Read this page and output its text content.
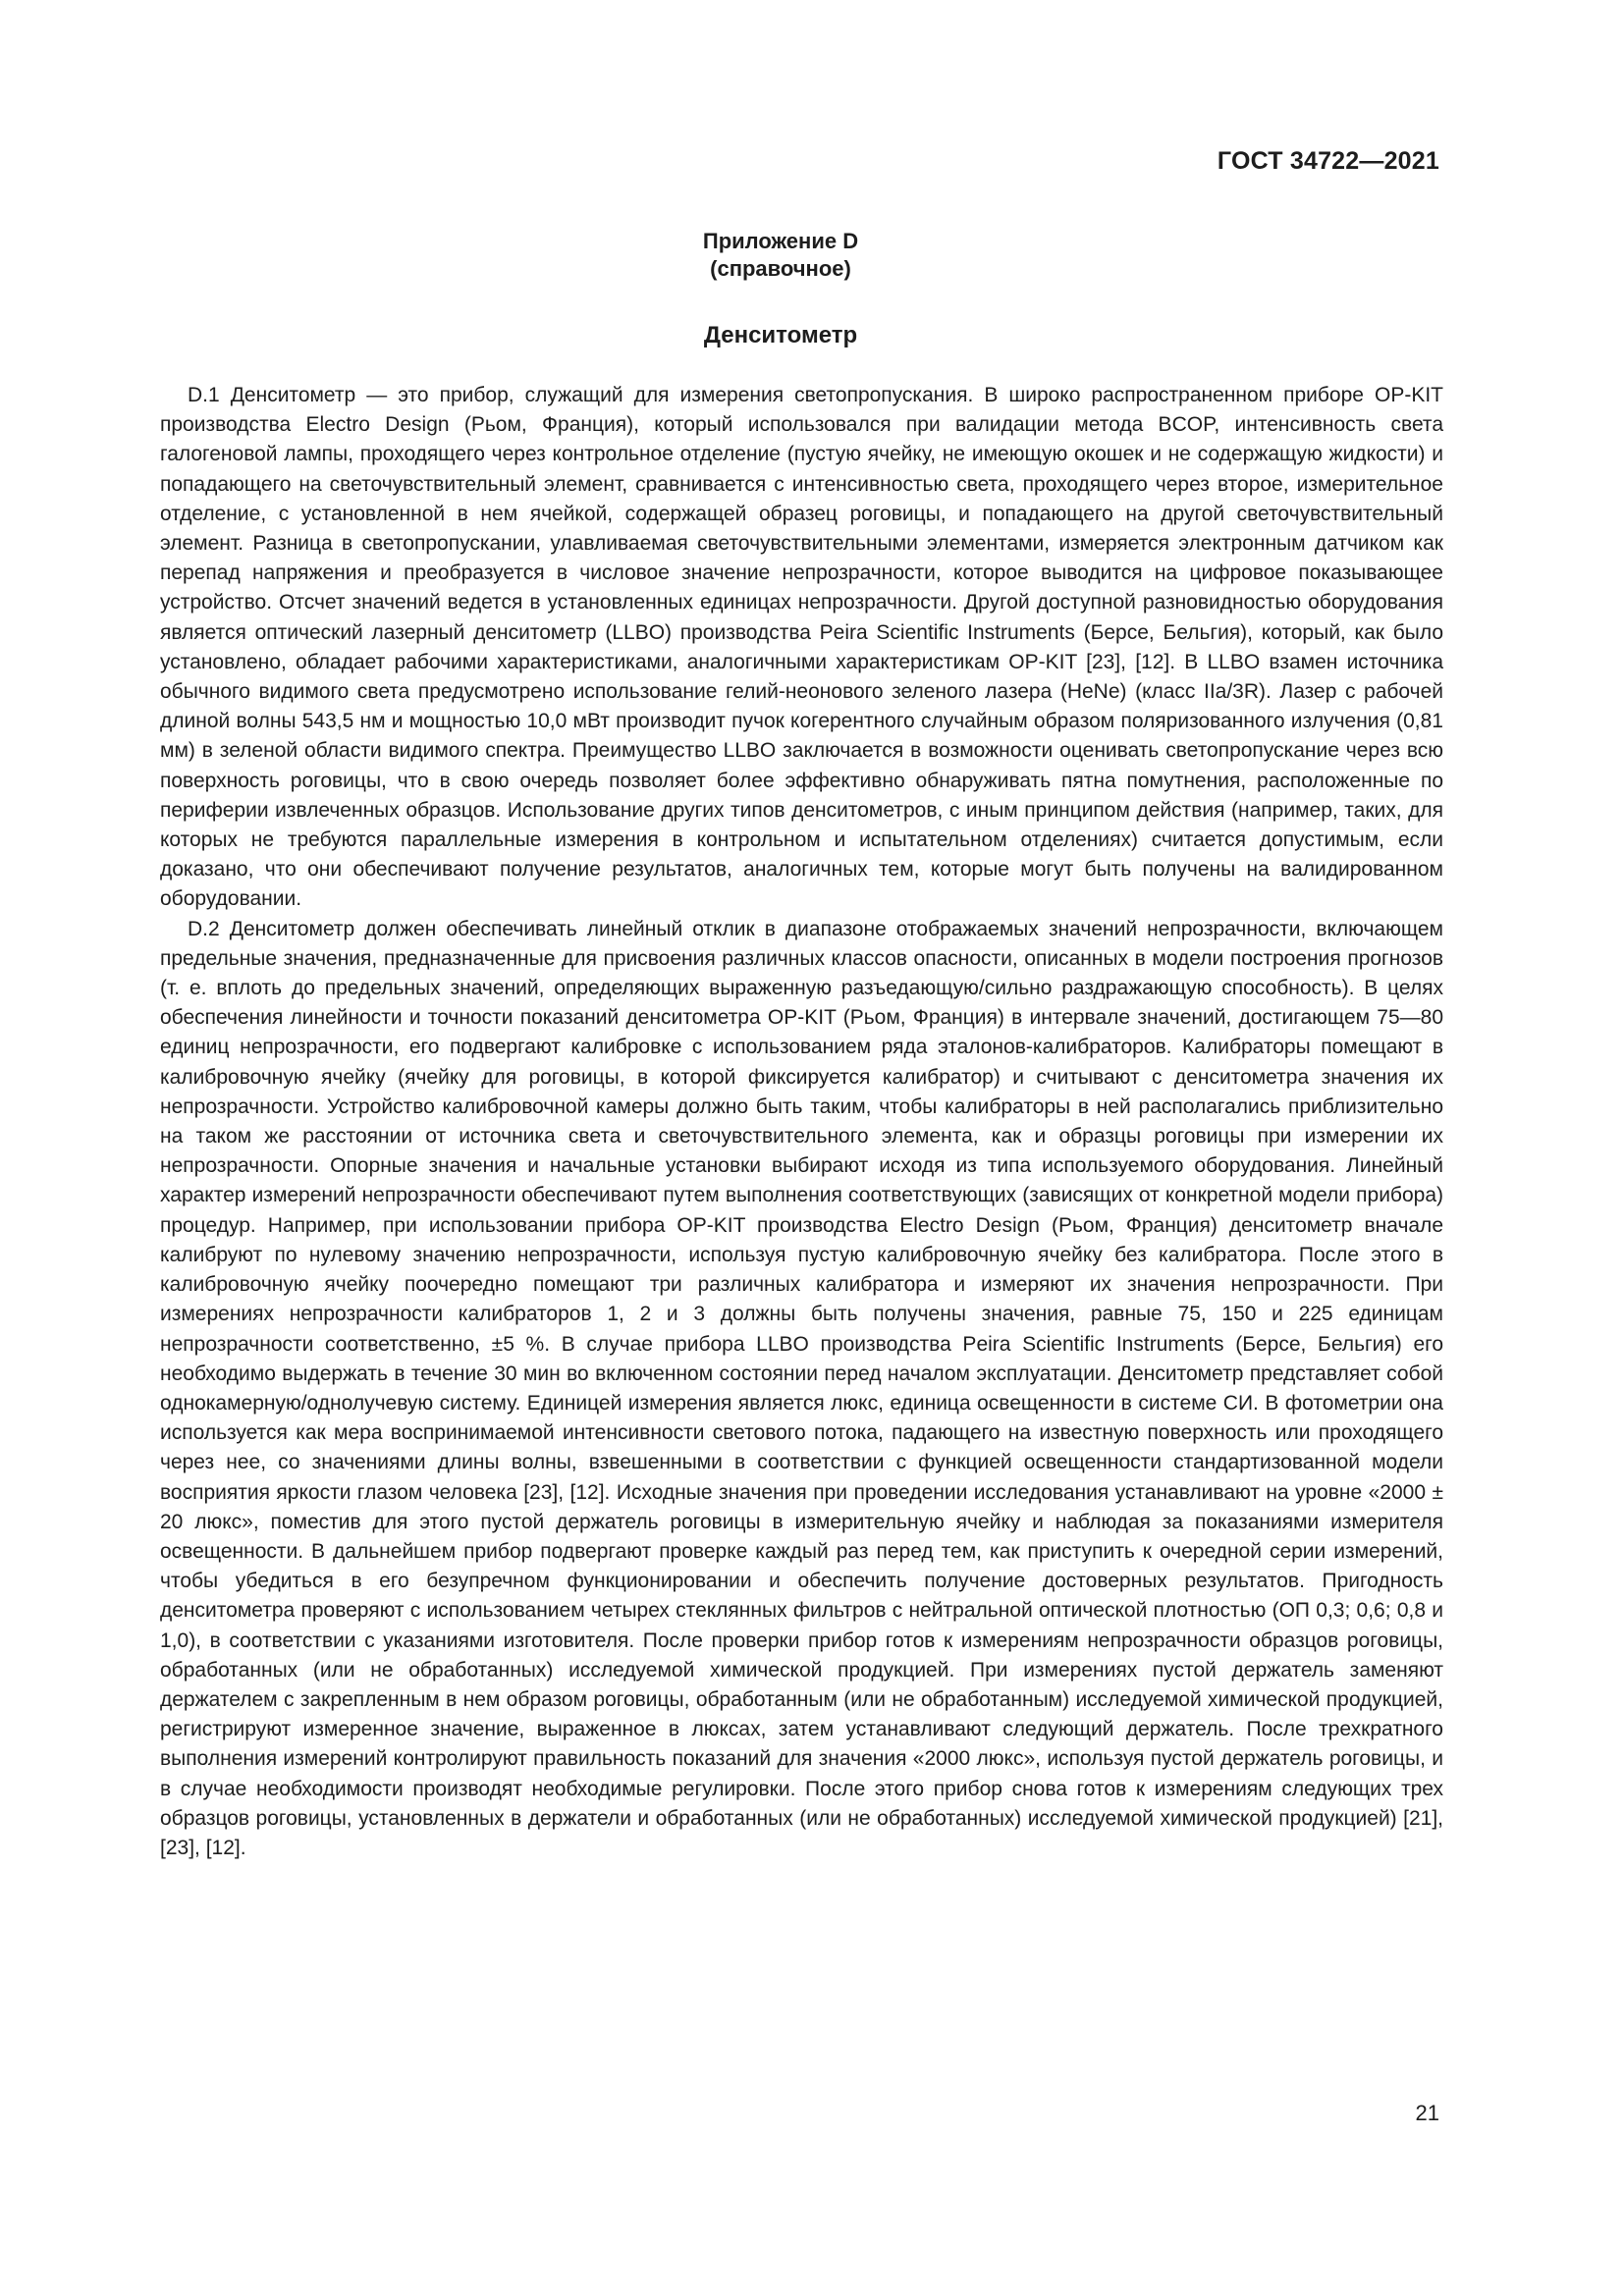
ГОСТ 34722—2021
Приложение D
(справочное)
Денситометр

D.1 Денситометр — это прибор, служащий для измерения светопропускания. В широко распространенном приборе OP-KIT производства Electro Design (Рьом, Франция), который использовался при валидации метода BCOP, интенсивность света галогеновой лампы, проходящего через контрольное отделение (пустую ячейку, не имеющую окошек и не содержащую жидкости) и попадающего на светочувствительный элемент, сравнивается с интенсивностью света, проходящего через второе, измерительное отделение, с установленной в нем ячейкой, содержащей образец роговицы, и попадающего на другой светочувствительный элемент. Разница в светопропускании, улавливаемая светочувствительными элементами, измеряется электронным датчиком как перепад напряжения и преобразуется в числовое значение непрозрачности, которое выводится на цифровое показывающее устройство. Отсчет значений ведется в установленных единицах непрозрачности. Другой доступной разновидностью оборудования является оптический лазерный денситометр (LLBO) производства Peira Scientific Instruments (Берсе, Бельгия), который, как было установлено, обладает рабочими характеристиками, аналогичными характеристикам OP-KIT [23], [12]. В LLBO взамен источника обычного видимого света предусмотрено использование гелий-неонового зеленого лазера (HeNe) (класс IIa/3R). Лазер с рабочей длиной волны 543,5 нм и мощностью 10,0 мВт производит пучок когерентного случайным образом поляризованного излучения (0,81 мм) в зеленой области видимого спектра. Преимущество LLBO заключается в возможности оценивать светопропускание через всю поверхность роговицы, что в свою очередь позволяет более эффективно обнаруживать пятна помутнения, расположенные по периферии извлеченных образцов. Использование других типов денситометров, с иным принципом действия (например, таких, для которых не требуются параллельные измерения в контрольном и испытательном отделениях) считается допустимым, если доказано, что они обеспечивают получение результатов, аналогичных тем, которые могут быть получены на валидированном оборудовании.

D.2 Денситометр должен обеспечивать линейный отклик в диапазоне отображаемых значений непрозрачности, включающем предельные значения, предназначенные для присвоения различных классов опасности, описанных в модели построения прогнозов (т. е. вплоть до предельных значений, определяющих выраженную разъедающую/сильно раздражающую способность). В целях обеспечения линейности и точности показаний денситометра OP-KIT (Рьом, Франция) в интервале значений, достигающем 75—80 единиц непрозрачности, его подвергают калибровке с использованием ряда эталонов-калибраторов. Калибраторы помещают в калибровочную ячейку (ячейку для роговицы, в которой фиксируется калибратор) и считывают с денситометра значения их непрозрачности. Устройство калибровочной камеры должно быть таким, чтобы калибраторы в ней располагались приблизительно на таком же расстоянии от источника света и светочувствительного элемента, как и образцы роговицы при измерении их непрозрачности. Опорные значения и начальные установки выбирают исходя из типа используемого оборудования. Линейный характер измерений непрозрачности обеспечивают путем выполнения соответствующих (зависящих от конкретной модели прибора) процедур. Например, при использовании прибора OP-KIT производства Electro Design (Рьом, Франция) денситометр вначале калибруют по нулевому значению непрозрачности, используя пустую калибровочную ячейку без калибратора. После этого в калибровочную ячейку поочередно помещают три различных калибратора и измеряют их значения непрозрачности. При измерениях непрозрачности калибраторов 1, 2 и 3 должны быть получены значения, равные 75, 150 и 225 единицам непрозрачности соответственно, ±5 %. В случае прибора LLBO производства Peira Scientific Instruments (Берсе, Бельгия) его необходимо выдержать в течение 30 мин во включенном состоянии перед началом эксплуатации. Денситометр представляет собой однокамерную/однолучевую систему. Единицей измерения является люкс, единица освещенности в системе СИ. В фотометрии она используется как мера воспринимаемой интенсивности светового потока, падающего на известную поверхность или проходящего через нее, со значениями длины волны, взвешенными в соответствии с функцией освещенности стандартизованной модели восприятия яркости глазом человека [23], [12]. Исходные значения при проведении исследования устанавливают на уровне «2000 ± 20 люкс», поместив для этого пустой держатель роговицы в измерительную ячейку и наблюдая за показаниями измерителя освещенности. В дальнейшем прибор подвергают проверке каждый раз перед тем, как приступить к очередной серии измерений, чтобы убедиться в его безупречном функционировании и обеспечить получение достоверных результатов. Пригодность денситометра проверяют с использованием четырех стеклянных фильтров с нейтральной оптической плотностью (ОП 0,3; 0,6; 0,8 и 1,0), в соответствии с указаниями изготовителя. После проверки прибор готов к измерениям непрозрачности образцов роговицы, обработанных (или не обработанных) исследуемой химической продукцией. При измерениях пустой держатель заменяют держателем с закрепленным в нем образом роговицы, обработанным (или не обработанным) исследуемой химической продукцией, регистрируют измеренное значение, выраженное в люксах, затем устанавливают следующий держатель. После трехкратного выполнения измерений контролируют правильность показаний для значения «2000 люкс», используя пустой держатель роговицы, и в случае необходимости производят необходимые регулировки. После этого прибор снова готов к измерениям следующих трех образцов роговицы, установленных в держатели и обработанных (или не обработанных) исследуемой химической продукцией) [21], [23], [12].

21
